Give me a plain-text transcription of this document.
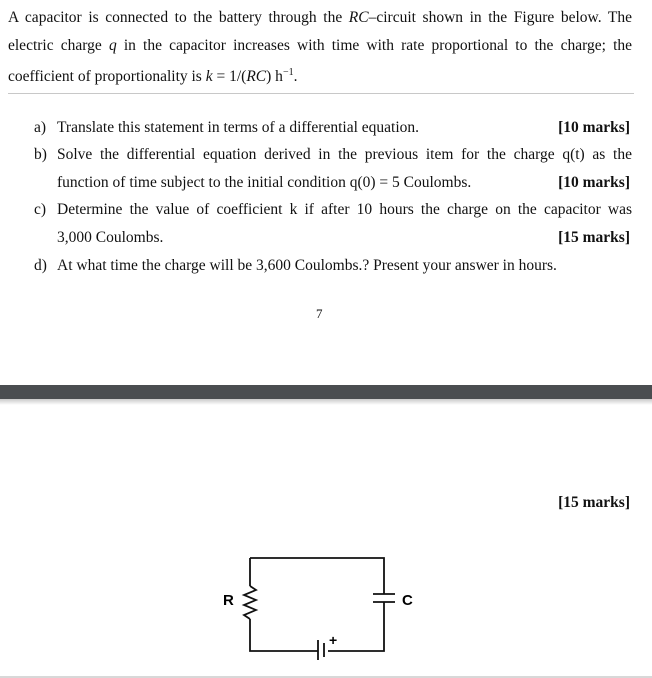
A capacitor is connected to the battery through the RC–circuit shown in the Figure below. The electric charge q in the capacitor increases with time with rate proportional to the charge; the coefficient of proportionality is k = 1/(RC) $h^{-1}$.
a) Translate this statement in terms of a differential equation.	[10 marks]
b) Solve the differential equation derived in the previous item for the charge q(t) as the
function of time subject to the initial condition q(0) = 5 Coulombs.	[10 marks]
c) Determine the value of coefficient k if after 10 hours the charge on the capacitor was
3,000 Coulombs.	[15 marks]
d) At what time the charge will be 3,600 Coulombs.? Present your answer in hours.
7
[15 marks]
R	C
+
